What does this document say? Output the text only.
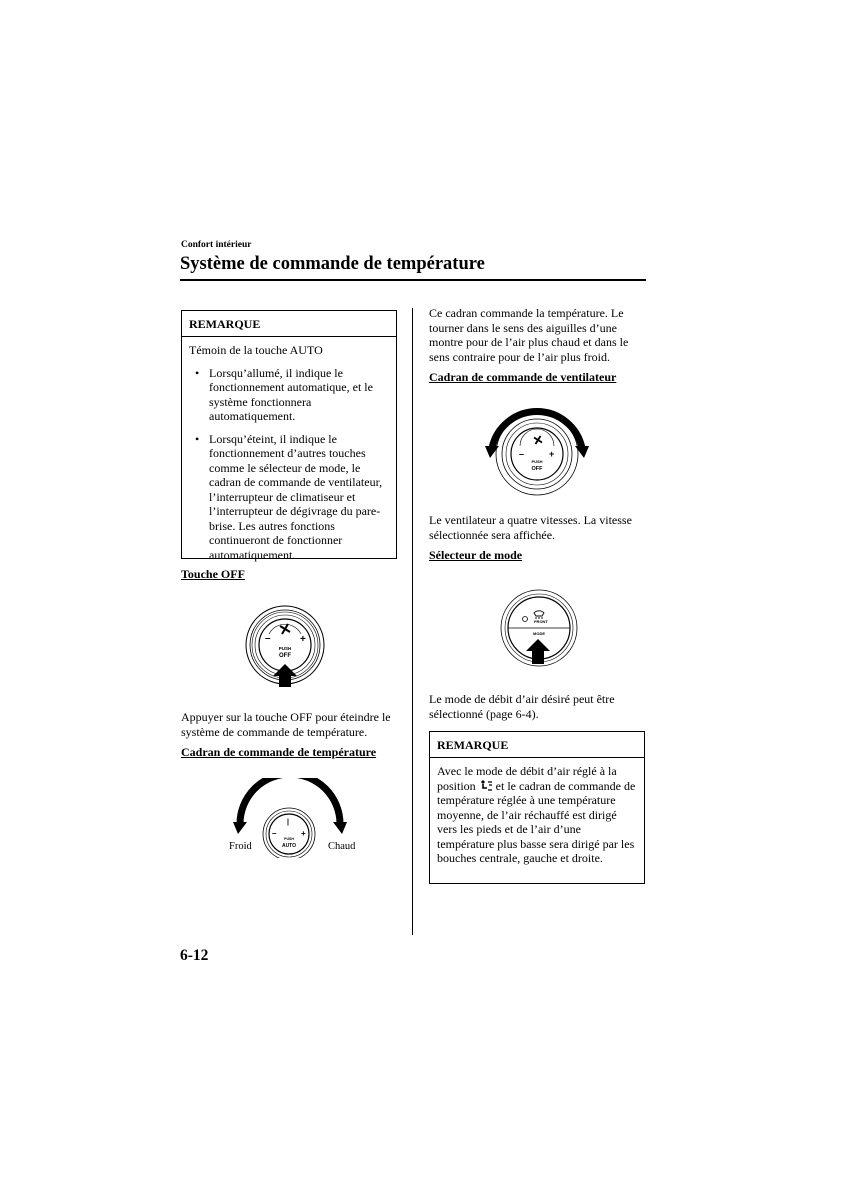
Confort intérieur
Système de commande de température
REMARQUE

Témoin de la touche AUTO

• Lorsqu’allumé, il indique le fonctionnement automatique, et le système fonctionnera automatiquement.
• Lorsqu’éteint, il indique le fonctionnement d’autres touches comme le sélecteur de mode, le cadran de commande de ventilateur, l’interrupteur de climatiseur et l’interrupteur de dégivrage du pare-brise. Les autres fonctions continueront de fonctionner automatiquement.
Touche OFF
–	+
PUSH
OFF
Appuyer sur la touche OFF pour éteindre le système de commande de température.
Cadran de commande de température
|
–	+
PUSH
AUTO
Froid	Chaud
Ce cadran commande la température. Le tourner dans le sens des aiguilles d’une montre pour de l’air plus chaud et dans le sens contraire pour de l’air plus froid.
Cadran de commande de ventilateur
–	+
PUSH
OFF
Le ventilateur a quatre vitesses. La vitesse sélectionnée sera affichée.
Sélecteur de mode
FRONT
MODE
Le mode de débit d’air désiré peut être sélectionné (page 6-4).
REMARQUE
Avec le mode de débit d’air réglé à la position et le cadran de commande de température réglée à une température moyenne, de l’air réchauffé est dirigé vers les pieds et de l’air d’une température plus basse sera dirigé par les bouches centrale, gauche et droite.
6-12
